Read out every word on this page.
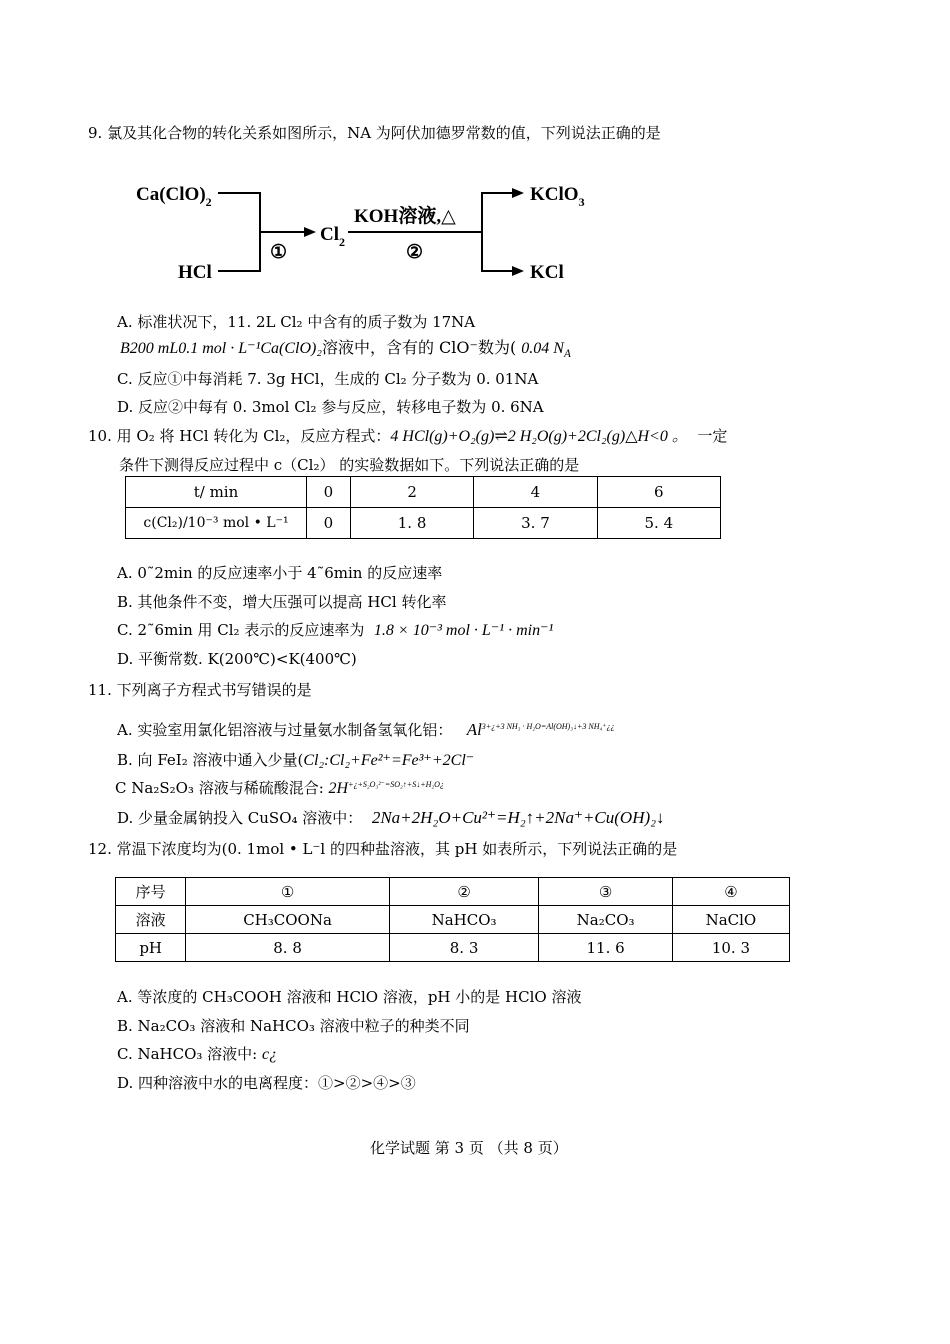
9. 氯及其化合物的转化关系如图所示，NA 为阿伏加德罗常数的值，下列说法正确的是
$Ca(ClO)_2$
HCl
①
$Cl_2$
KOH溶液,△
②
KClO$_3$
KCl
A. 标准状况下，11. 2L Cl₂ 中含有的质子数为 17NA
B200 mL0.1 mol · L⁻¹Ca(ClO)₂溶液中，含有的 ClO⁻数为( 0.04 $N_A$
C. 反应①中每消耗 7. 3g HCl，生成的 Cl₂ 分子数为 0. 01NA
D. 反应②中每有 0. 3mol Cl₂ 参与反应，转移电子数为 0. 6NA
10. 用 O₂ 将 HCl 转化为 Cl₂，反应方程式：4 HCl(g)+O₂(g)⇌2 H₂O(g)+2Cl₂(g)△H<0 。 一定
条件下测得反应过程中 c（Cl₂） 的实验数据如下。下列说法正确的是
t/ min	0	2	4	6
c(Cl₂)/10⁻³ mol • L⁻¹	0	1. 8	3. 7	5. 4
A. 0˜2min 的反应速率小于 4˜6min 的反应速率
B. 其他条件不变，增大压强可以提高 HCl 转化率
C. 2˜6min 用 Cl₂ 表示的反应速率为 1.8 × 10⁻³ mol · L⁻¹ · min⁻¹
D. 平衡常数. K(200℃)<K(400℃)
11. 下列离子方程式书写错误的是
A. 实验室用氯化铝溶液与过量氨水制备氢氧化铝： $Al^{3+¿+3 NH_3 \cdot H_2O=Al(OH)_3↓+3 NH_4^+¿¿}$
B. 向 FeI₂ 溶液中通入少量(Cl₂:Cl₂+Fe²⁺=Fe³⁺+2Cl⁻
C Na₂S₂O₃ 溶液与稀硫酸混合: $2H^{+¿+S_2O_3^{2-}=SO_2↑+S↓+H_2O¿}$
D. 少量金属钠投入 CuSO₄ 溶液中： 2Na+2H₂O+Cu²⁺=H₂↑+2Na⁺+Cu(OH)₂↓
12. 常温下浓度均为(0. 1mol • L⁻l 的四种盐溶液，其 pH 如表所示，下列说法正确的是
序号	①	②	③	④
溶液	CH₃COONa	NaHCO₃	Na₂CO₃	NaClO
pH	8. 8	8. 3	11. 6	10. 3
A. 等浓度的 CH₃COOH 溶液和 HClO 溶液，pH 小的是 HClO 溶液
B. Na₂CO₃ 溶液和 NaHCO₃ 溶液中粒子的种类不同
C. NaHCO₃ 溶液中: c¿
D. 四种溶液中水的电离程度：①>②>④>③
化学试题 第 3 页 （共 8 页）
